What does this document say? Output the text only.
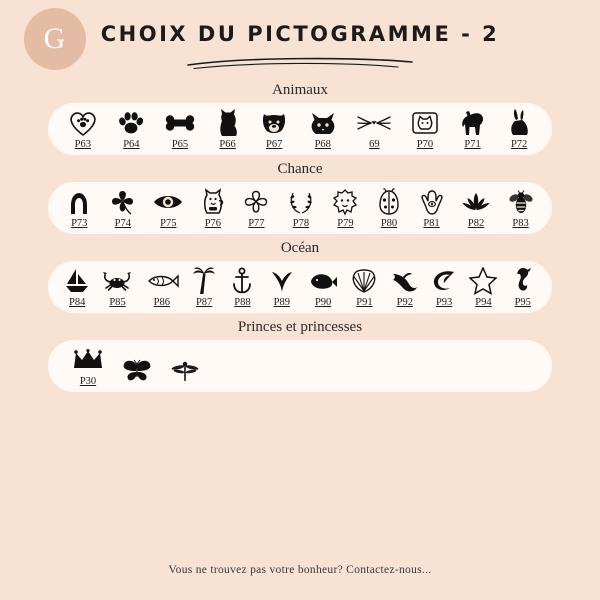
G	CHOIX DU PICTOGRAMME - 2
Animaux
P63	P64	P65	P66	P67	P68	69	P70	P71	P72
Chance
P73	P74	P75	P76	P77	P78	P79	P80 P81	P82	P83
Océan
P84 P85	P86 P87 P88 P89 P90 P91 P92 P93 P94 P95
Princes et princesses
P30
Vous ne trouvez pas votre bonheur? Contactez-nous...
